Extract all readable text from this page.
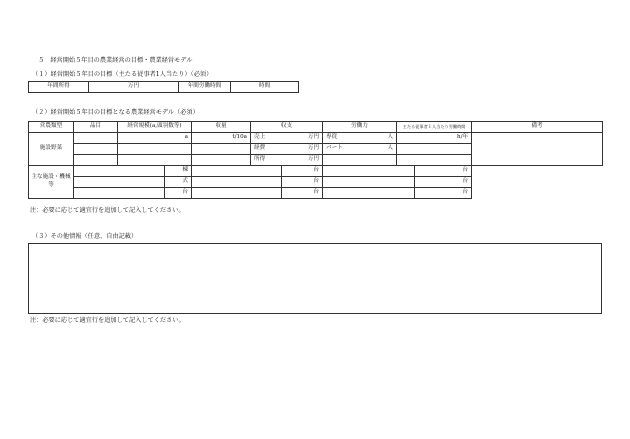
５　経営開始５年目の農業経営の目標・農業経営モデル
（１）経営開始５年目の目標（主たる従事者1人当たり）（必須）
年間所得	万円	年間労働時間	時間
（２）経営開始５年目の目標となる農業経営モデル（必須）
営農類型	品目	経営規模(a,頭羽数等)		収量	収支		労働力	主たる従事者１人当たり労働時間		備考
施設野菜		a		t/10a	売上 万円		専従 人	h/年		

					経費 万円		パート 人			

					所得 万円					

主な施設・機械等			棟			台			台	
			式			台			台	
			台			台			台	
注：必要に応じて適宜行を追加して記入してください。
（３）その他情報（任意、自由記載）
注：必要に応じて適宜行を追加して記入してください。
